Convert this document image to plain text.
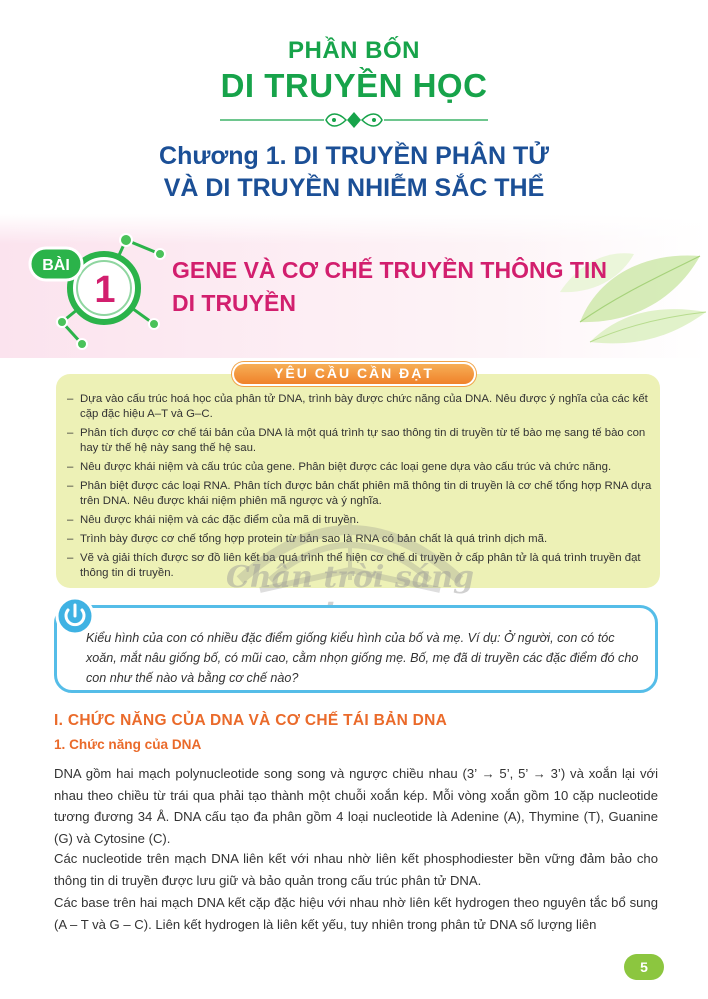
PHẦN BỐN
DI TRUYỀN HỌC
Chương 1. DI TRUYỀN PHÂN TỬ
VÀ DI TRUYỀN NHIỄM SẮC THỂ
BÀI
1 GENE VÀ CƠ CHẾ TRUYỀN THÔNG TIN
DI TRUYỀN
YÊU CẦU CẦN ĐẠT
– Dựa vào cấu trúc hoá học của phân tử DNA, trình bày được chức năng của DNA. Nêu được ý nghĩa của các kết cặp đặc hiệu A–T và G–C.
– Phân tích được cơ chế tái bản của DNA là một quá trình tự sao thông tin di truyền từ tế bào mẹ sang tế bào con hay từ thế hệ này sang thế hệ sau.
– Nêu được khái niệm và cấu trúc của gene. Phân biệt được các loại gene dựa vào cấu trúc và chức năng.
– Phân biệt được các loại RNA. Phân tích được bản chất phiên mã thông tin di truyền là cơ chế tổng hợp RNA dựa trên DNA. Nêu được khái niệm phiên mã ngược và ý nghĩa.
– Nêu được khái niệm và các đặc điểm của mã di truyền.
– Trình bày được cơ chế tổng hợp protein từ bản sao là RNA có bản chất là quá trình dịch mã.
– Vẽ và giải thích được sơ đồ liên kết ba quá trình thể hiện cơ chế di truyền ở cấp phân tử là quá trình truyền đạt thông tin di truyền.	Chân trời sáng
Kiểu hình của con có nhiều đặc điểm giống kiểu hình của bố và mẹ. Ví dụ: Ở người, con có tóc xoăn, mắt nâu giống bố, có mũi cao, cằm nhọn giống mẹ. Bố, mẹ đã di truyền các đặc điểm đó cho con như thế nào và bằng cơ chế nào?
I. CHỨC NĂNG CỦA DNA VÀ CƠ CHẾ TÁI BẢN DNA
1. Chức năng của DNA

DNA gồm hai mạch polynucleotide song song và ngược chiều nhau (3’ → 5’, 5’ → 3’) và xoắn lại với nhau theo chiều từ trái qua phải tạo thành một chuỗi xoắn kép. Mỗi vòng xoắn gồm 10 cặp nucleotide tương đương 34 Å. DNA cấu tạo đa phân gồm 4 loại nucleotide là Adenine (A), Thymine (T), Guanine (G) và Cytosine (C).

Các nucleotide trên mạch DNA liên kết với nhau nhờ liên kết phosphodiester bền vững đảm bảo cho thông tin di truyền được lưu giữ và bảo quản trong cấu trúc phân tử DNA.

Các base trên hai mạch DNA kết cặp đặc hiệu với nhau nhờ liên kết hydrogen theo nguyên tắc bổ sung (A – T và G – C). Liên kết hydrogen là liên kết yếu, tuy nhiên trong phân tử DNA số lượng liên

5
